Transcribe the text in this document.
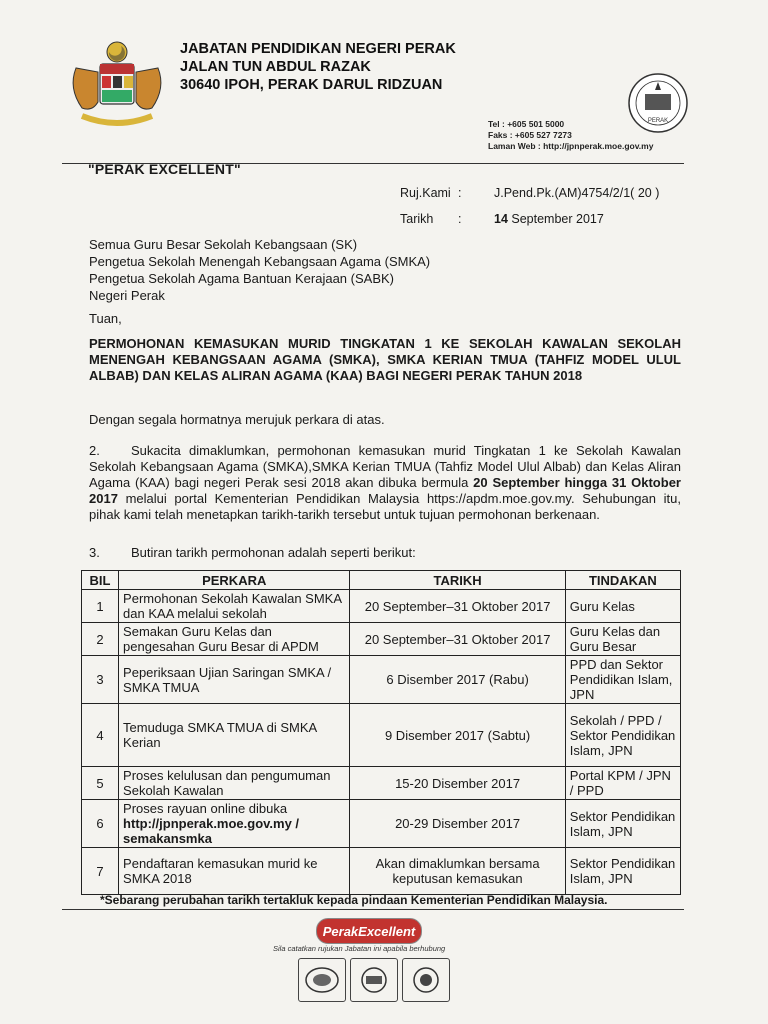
JABATAN PENDIDIKAN NEGERI PERAK
JALAN TUN ABDUL RAZAK
30640 IPOH, PERAK DARUL RIDZUAN
PERAK
Tel : +605 501 5000
Faks : +605 527 7273
Laman Web : http://jpnperak.moe.gov.my
"PERAK EXCELLENT"
Ruj.Kami :	J.Pend.Pk.(AM)4754/2/1( 20 )
Tarikh	:	14 September 2017
Semua Guru Besar Sekolah Kebangsaan (SK)
Pengetua Sekolah Menengah Kebangsaan Agama (SMKA)
Pengetua Sekolah Agama Bantuan Kerajaan (SABK)
Negeri Perak
Tuan,
PERMOHONAN KEMASUKAN MURID TINGKATAN 1 KE SEKOLAH KAWALAN SEKOLAH MENENGAH KEBANGSAAN AGAMA (SMKA), SMKA KERIAN TMUA (TAHFIZ MODEL ULUL ALBAB) DAN KELAS ALIRAN AGAMA (KAA) BAGI NEGERI PERAK TAHUN 2018
Dengan segala hormatnya merujuk perkara di atas.
2. Sukacita dimaklumkan, permohonan kemasukan murid Tingkatan 1 ke Sekolah Kawalan Sekolah Kebangsaan Agama (SMKA),SMKA Kerian TMUA (Tahfiz Model Ulul Albab) dan Kelas Aliran Agama (KAA) bagi negeri Perak sesi 2018 akan dibuka bermula 20 September hingga 31 Oktober 2017 melalui portal Kementerian Pendidikan Malaysia https://apdm.moe.gov.my. Sehubungan itu, pihak kami telah menetapkan tarikh-tarikh tersebut untuk tujuan permohonan berkenaan.
3. Butiran tarikh permohonan adalah seperti berikut:
BIL	PERKARA	TARIKH	TINDAKAN
1	Permohonan Sekolah Kawalan SMKA dan KAA melalui sekolah	20 September–31 Oktober 2017	Guru Kelas
2	Semakan Guru Kelas dan pengesahan Guru Besar di APDM	20 September–31 Oktober 2017	Guru Kelas dan Guru Besar
3	Peperiksaan Ujian Saringan SMKA / SMKA TMUA	6 Disember 2017 (Rabu)	PPD dan Sektor Pendidikan Islam, JPN
4	Temuduga SMKA TMUA di SMKA Kerian	9 Disember 2017 (Sabtu)	Sekolah / PPD / Sektor Pendidikan Islam, JPN
5	Proses kelulusan dan pengumuman Sekolah Kawalan	15-20 Disember 2017	Portal KPM / JPN / PPD
6	Proses rayuan online dibuka
http://jpnperak.moe.gov.my / semakansmka	20-29 Disember 2017	Sektor Pendidikan Islam, JPN
7	Pendaftaran kemasukan murid ke SMKA 2018	Akan dimaklumkan bersama keputusan kemasukan	Sektor Pendidikan Islam, JPN
*Sebarang perubahan tarikh tertakluk kepada pindaan Kementerian Pendidikan Malaysia.
PerakExcellent
Sila catatkan rujukan Jabatan ini apabila berhubung
